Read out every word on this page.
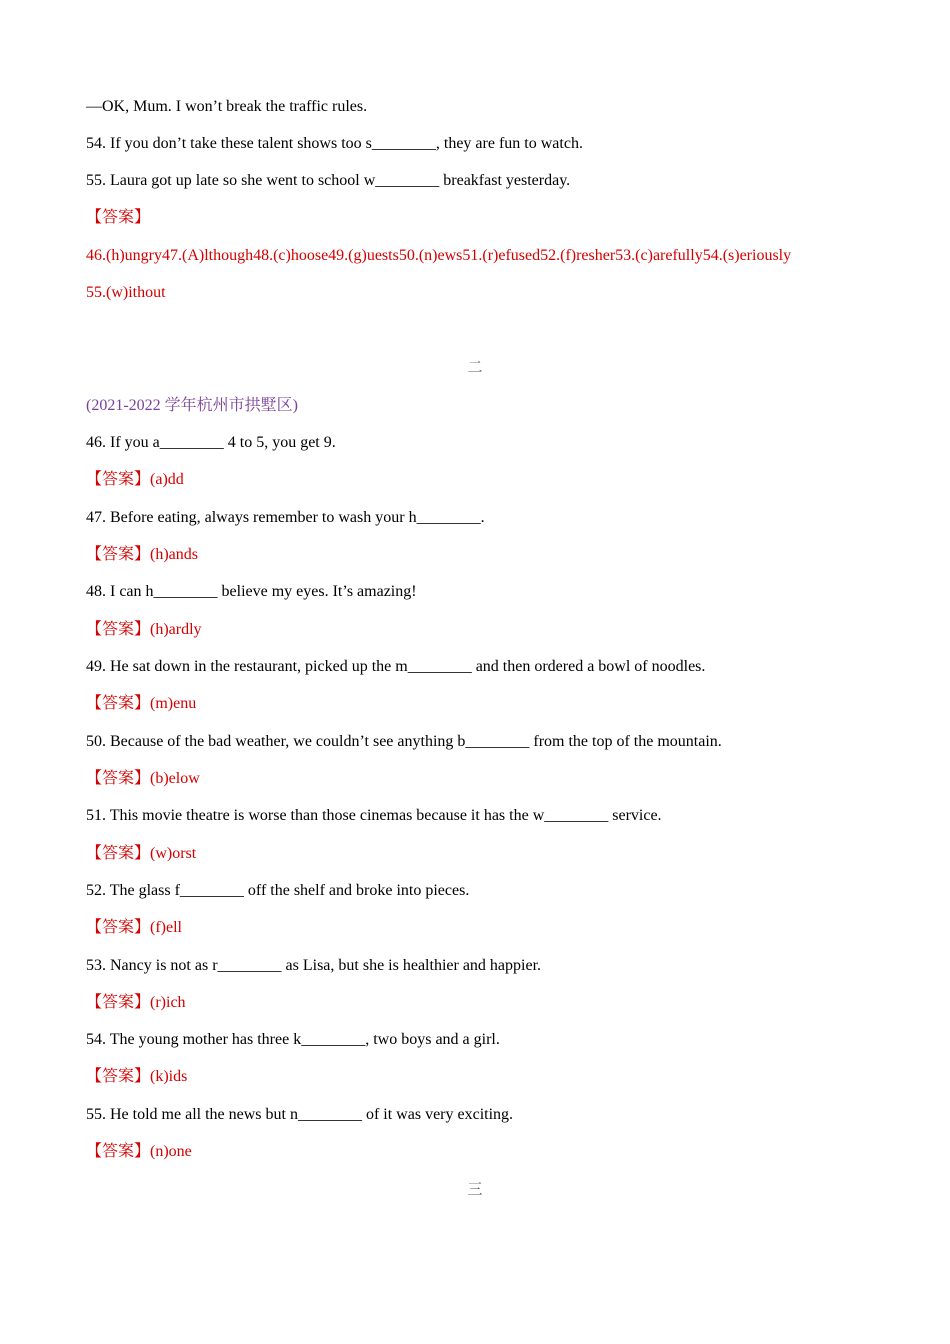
—OK, Mum. I won’t break the traffic rules.
54. If you don’t take these talent shows too s________, they are fun to watch.
55. Laura got up late so she went to school w________ breakfast yesterday.
【答案】
46.(h)ungry47.(A)lthough48.(c)hoose49.(g)uests50.(n)ews51.(r)efused52.(f)resher53.(c)arefully54.(s)eriously
55.(w)ithout
二
(2021-2022 学年杭州市拱墅区)
46. If you a________ 4 to 5, you get 9.
【答案】(a)dd
47. Before eating, always remember to wash your h________.
【答案】(h)ands
48. I can h________ believe my eyes. It’s amazing!
【答案】(h)ardly
49. He sat down in the restaurant, picked up the m________ and then ordered a bowl of noodles.
【答案】(m)enu
50. Because of the bad weather, we couldn’t see anything b________ from the top of the mountain.
【答案】(b)elow
51. This movie theatre is worse than those cinemas because it has the w________ service.
【答案】(w)orst
52. The glass f________ off the shelf and broke into pieces.
【答案】(f)ell
53. Nancy is not as r________ as Lisa, but she is healthier and happier.
【答案】(r)ich
54. The young mother has three k________, two boys and a girl.
【答案】(k)ids
55. He told me all the news but n________ of it was very exciting.
【答案】(n)one
三
